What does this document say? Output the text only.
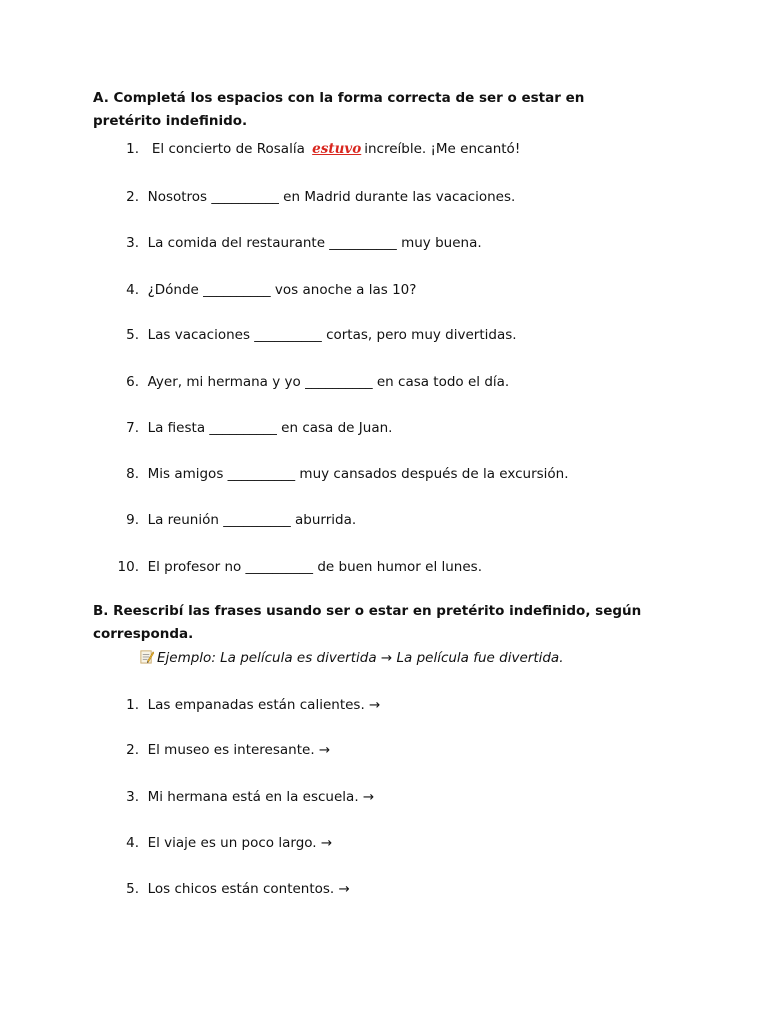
A. Completá los espacios con la forma correcta de ser o estar en pretérito indefinido.
1. El concierto de Rosalía estuvo increíble. ¡Me encantó!
2. Nosotros __________ en Madrid durante las vacaciones.
3. La comida del restaurante __________ muy buena.
4. ¿Dónde __________ vos anoche a las 10?
5. Las vacaciones __________ cortas, pero muy divertidas.
6. Ayer, mi hermana y yo __________ en casa todo el día.
7. La fiesta __________ en casa de Juan.
8. Mis amigos __________ muy cansados después de la excursión.
9. La reunión __________ aburrida.
10. El profesor no __________ de buen humor el lunes.
B. Reescribí las frases usando ser o estar en pretérito indefinido, según corresponda.
Ejemplo: La película es divertida → La película fue divertida.
1. Las empanadas están calientes. →
2. El museo es interesante. →
3. Mi hermana está en la escuela. →
4. El viaje es un poco largo. →
5. Los chicos están contentos. →
